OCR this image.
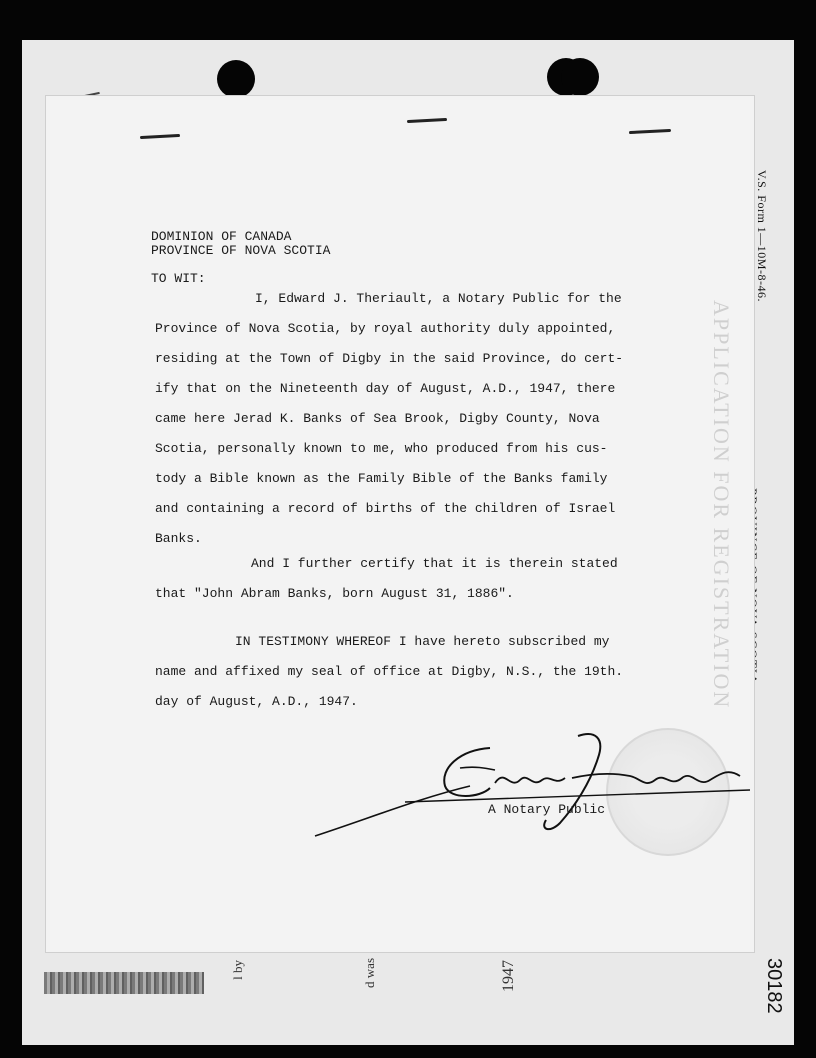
V.S. Form 1—10M-8-46.
APPLICATION FOR REGISTRATION
DOMINION OF CANADA
PROVINCE OF NOVA SCOTIA
TO WIT:
I, Edward J. Theriault, a Notary Public for the
Province of Nova Scotia, by royal authority duly appointed,
residing at the Town of Digby in the said Province, do cert-
ify that on the Nineteenth day of August, A.D., 1947, there
came here Jerad K. Banks of Sea Brook, Digby County, Nova
Scotia, personally known to me, who produced from his cus-
tody a Bible known as the Family Bible of the Banks family
and containing a record of births of the children of Israel
Banks.
And I further certify that it is therein stated
that "John Abram Banks, born August 31, 1886".
IN TESTIMONY WHEREOF I have hereto subscribed my
name and affixed my seal of office at Digby, N.S., the 19th.
day of August, A.D., 1947.
A Notary Public
l by	d was	1947	30182
